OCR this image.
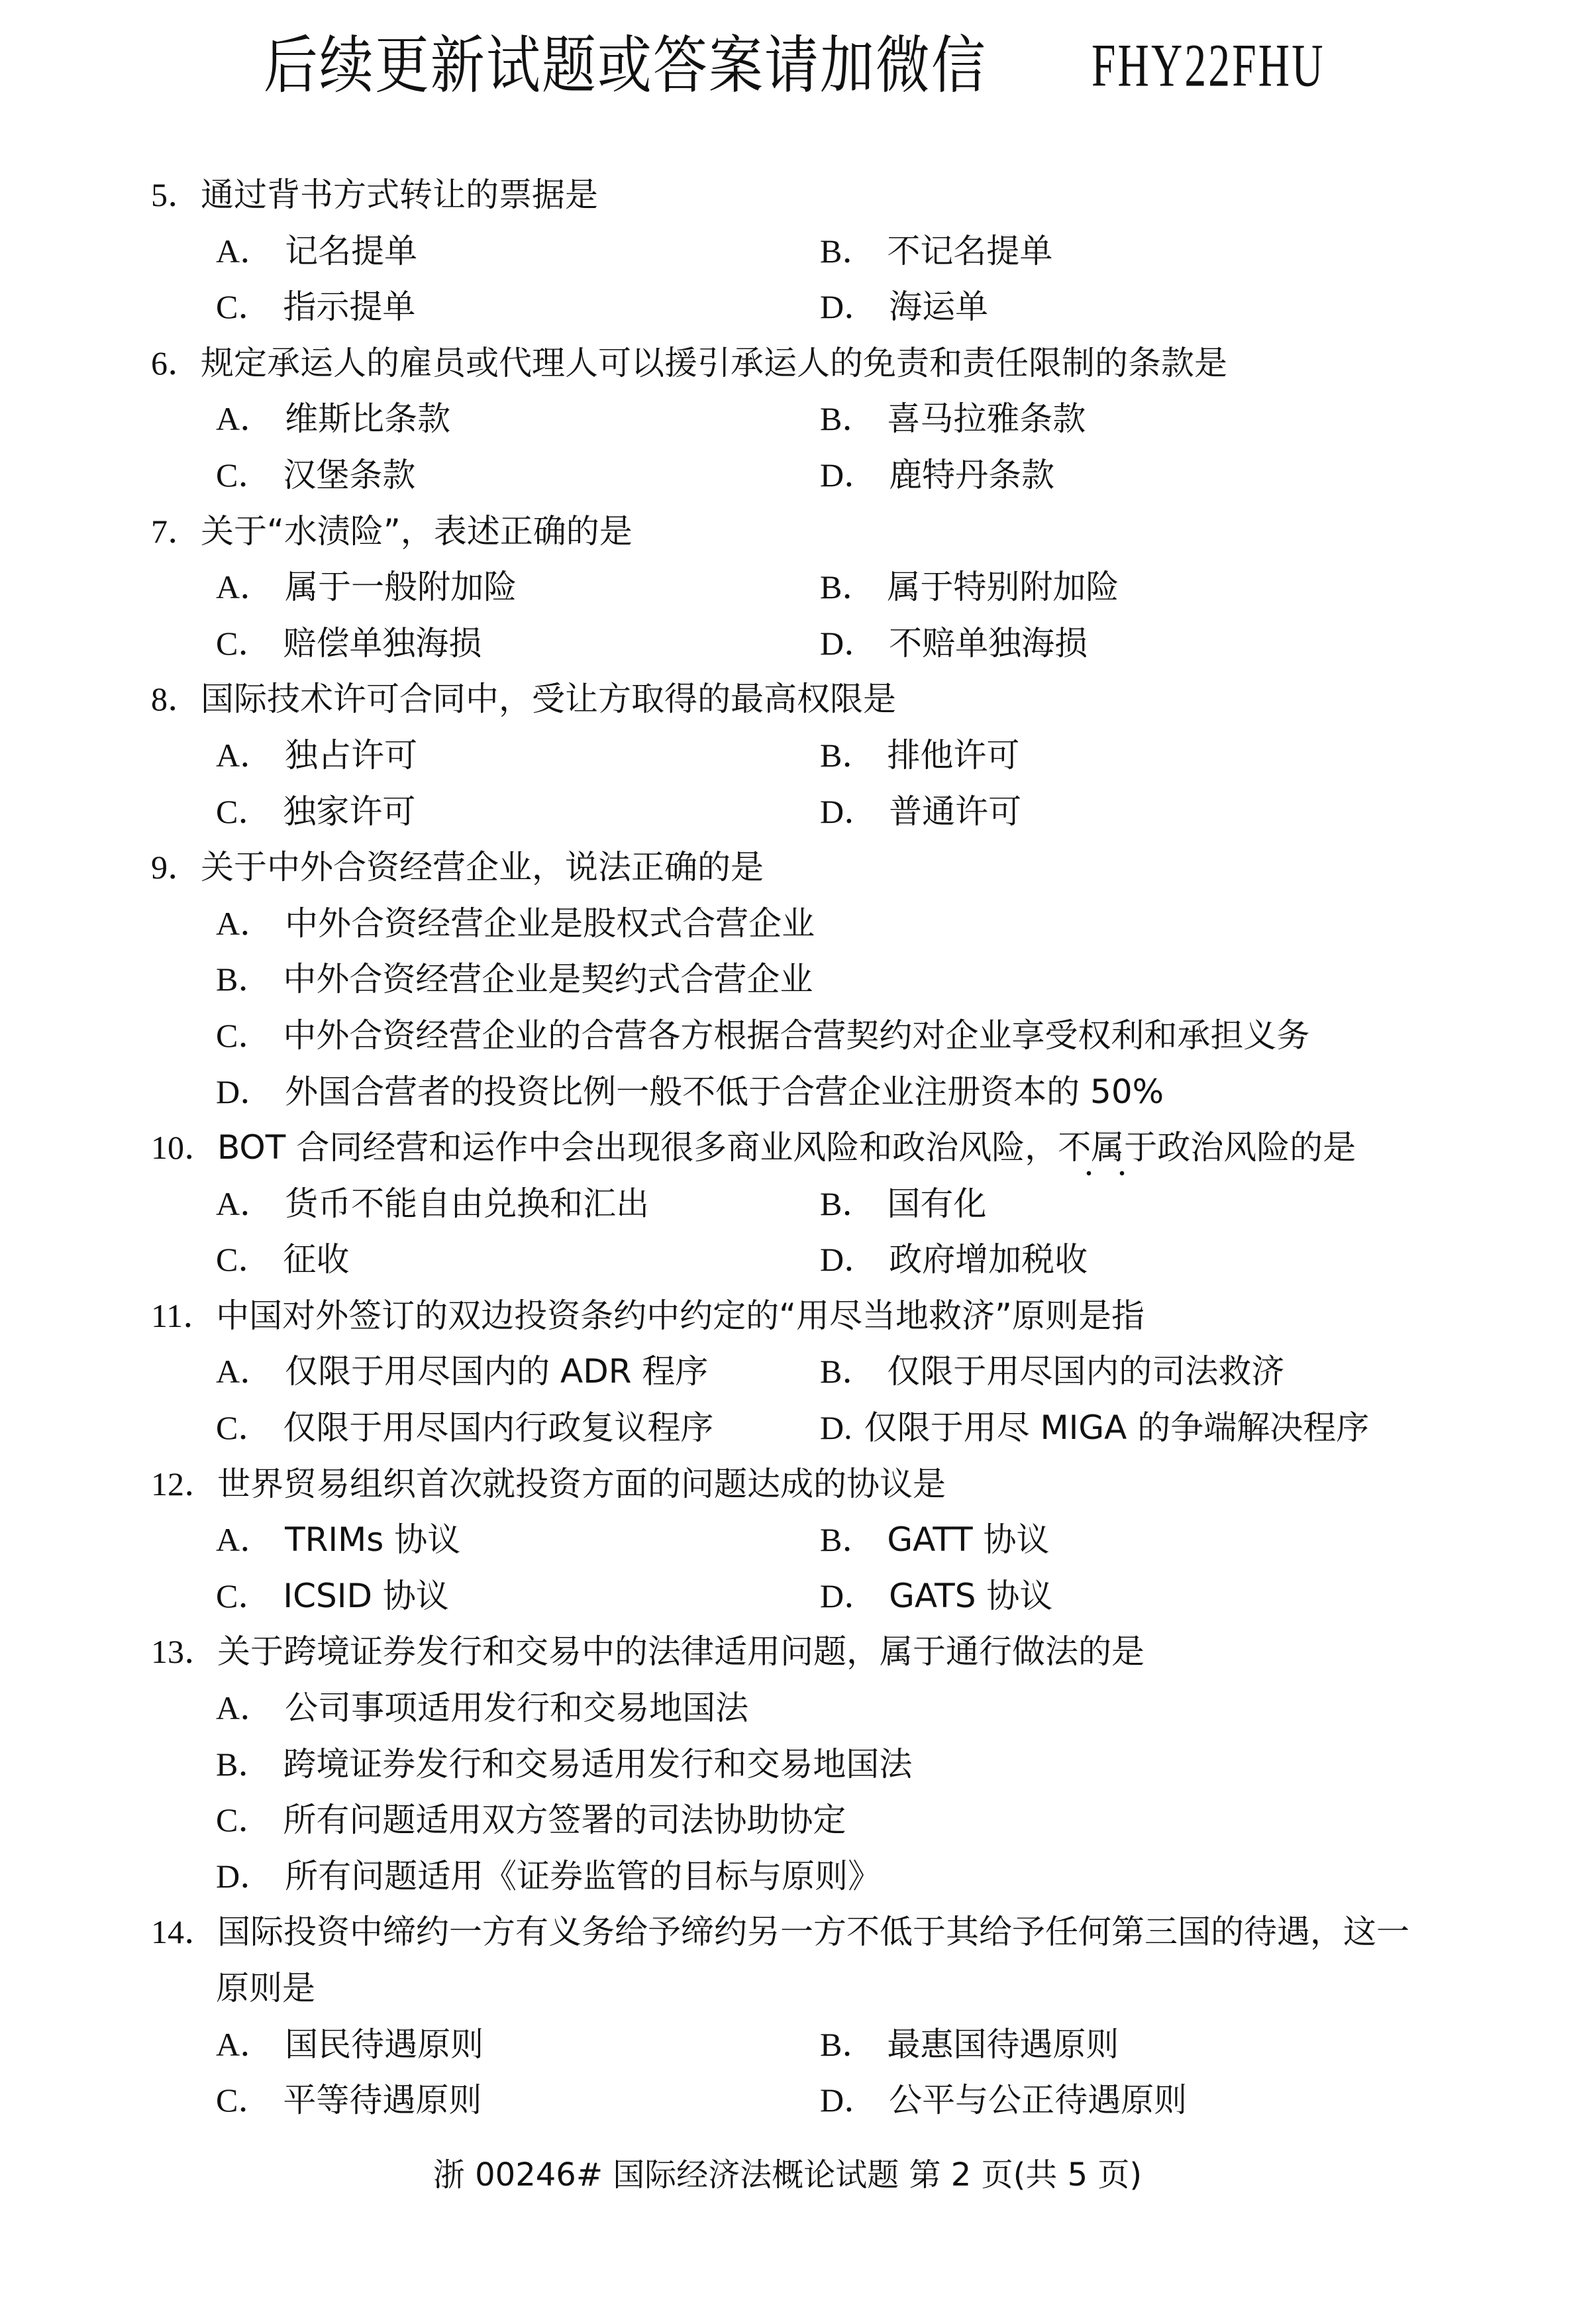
后续更新试题或答案请加微信 FHY22FHU
5．通过背书方式转让的票据是
A． 记名提单	B． 不记名提单
C． 指示提单	D． 海运单
6．规定承运人的雇员或代理人可以援引承运人的免责和责任限制的条款是
A． 维斯比条款	B． 喜马拉雅条款
C． 汉堡条款	D． 鹿特丹条款
7．关于“水渍险”，表述正确的是
A． 属于一般附加险	B． 属于特别附加险
C． 赔偿单独海损	D． 不赔单独海损
8．国际技术许可合同中，受让方取得的最高权限是
A． 独占许可	B． 排他许可
C． 独家许可	D． 普通许可
9．关于中外合资经营企业，说法正确的是
A． 中外合资经营企业是股权式合营企业
B． 中外合资经营企业是契约式合营企业
C． 中外合资经营企业的合营各方根据合营契约对企业享受权利和承担义务
D． 外国合营者的投资比例一般不低于合营企业注册资本的 50%
10．BOT 合同经营和运作中会出现很多商业风险和政治风险，不属于政治风险的是
A． 货币不能自由兑换和汇出	B． 国有化
C． 征收	D． 政府增加税收
11．中国对外签订的双边投资条约中约定的“用尽当地救济”原则是指
A． 仅限于用尽国内的 ADR 程序	B． 仅限于用尽国内的司法救济
C． 仅限于用尽国内行政复议程序	D. 仅限于用尽 MIGA 的争端解决程序
12．世界贸易组织首次就投资方面的问题达成的协议是
A． TRIMs 协议	B． GATT 协议
C． ICSID 协议	D． GATS 协议
13．关于跨境证券发行和交易中的法律适用问题，属于通行做法的是
A． 公司事项适用发行和交易地国法
B． 跨境证券发行和交易适用发行和交易地国法
C． 所有问题适用双方签署的司法协助协定
D． 所有问题适用《证券监管的目标与原则》
14．国际投资中缔约一方有义务给予缔约另一方不低于其给予任何第三国的待遇，这一
原则是
A． 国民待遇原则	B． 最惠国待遇原则
C． 平等待遇原则	D． 公平与公正待遇原则
浙 00246# 国际经济法概论试题 第 2 页(共 5 页)
